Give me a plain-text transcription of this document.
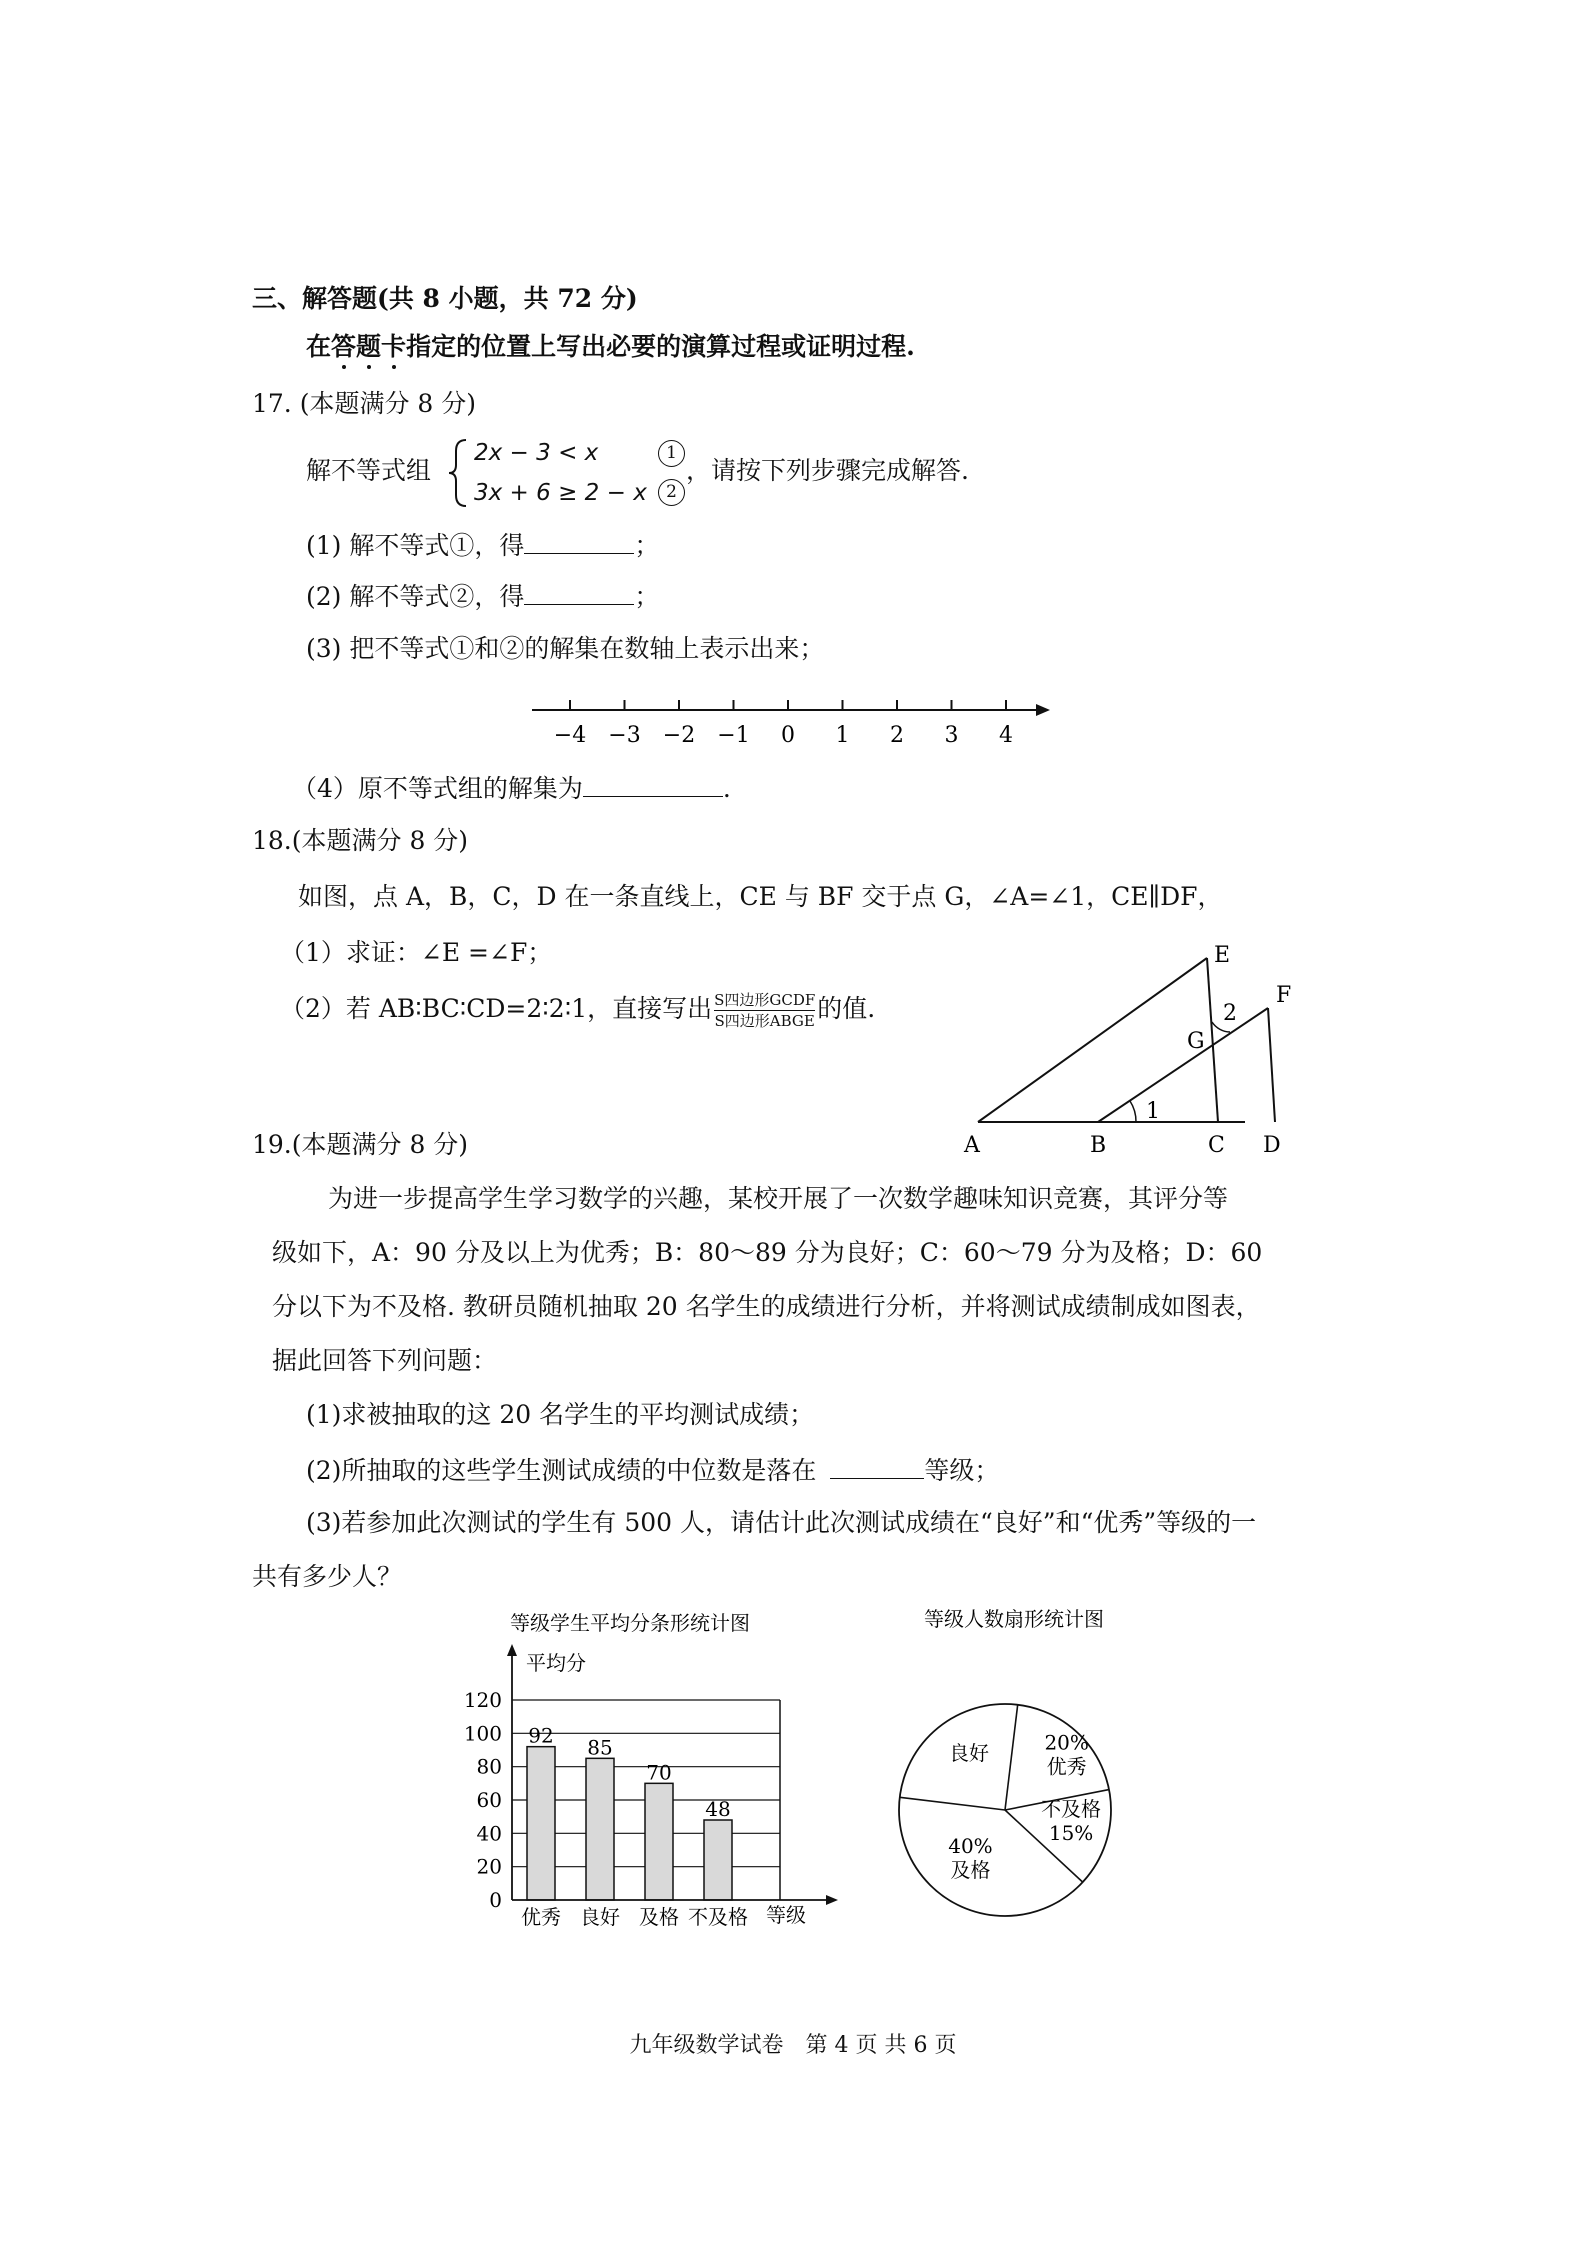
三、解答题(共 8 小题，共 72 分)
在答题卡指定的位置上写出必要的演算过程或证明过程.
17. (本题满分 8 分)
解不等式组
2x − 3 < x
3x + 6 ≥ 2 − x
1
2
，请按下列步骤完成解答.
(1) 解不等式①，得	；
(2) 解不等式②，得	；
(3) 把不等式①和②的解集在数轴上表示出来；
−4 −3 −2 −1 0 1 2 3 4
（4）原不等式组的解集为	.
18.(本题满分 8 分)
如图，点 A，B，C，D 在一条直线上，CE 与 BF 交于点 G，∠A=∠1，CE∥DF，
（1）求证：∠E =∠F；
（2）若 AB∶BC∶CD=2∶2∶1，直接写出 $\frac{\text{S四边形GCDF}}{\text{S四边形ABGE}}$ 的值.
A	B	C D
E
F
G
1
2
19.(本题满分 8 分)
为进一步提高学生学习数学的兴趣，某校开展了一次数学趣味知识竞赛，其评分等
级如下，A：90 分及以上为优秀；B：80～89 分为良好；C：60～79 分为及格；D：60
分以下为不及格. 教研员随机抽取 20 名学生的成绩进行分析，并将测试成绩制成如图表，
据此回答下列问题：
(1)求被抽取的这 20 名学生的平均测试成绩；
(2)所抽取的这些学生测试成绩的中位数是落在	等级；
(3)若参加此次测试的学生有 500 人，请估计此次测试成绩在“良好”和“优秀”等级的一
共有多少人？
等级学生平均分条形统计图
0
20
40
60
80
100
120
92
优秀
85
良好
70
及格
48
不及格
平均分
等级
等级人数扇形统计图
20%
优秀
不及格
15%
40%
及格
良好
九年级数学试卷　第 4 页 共 6 页
